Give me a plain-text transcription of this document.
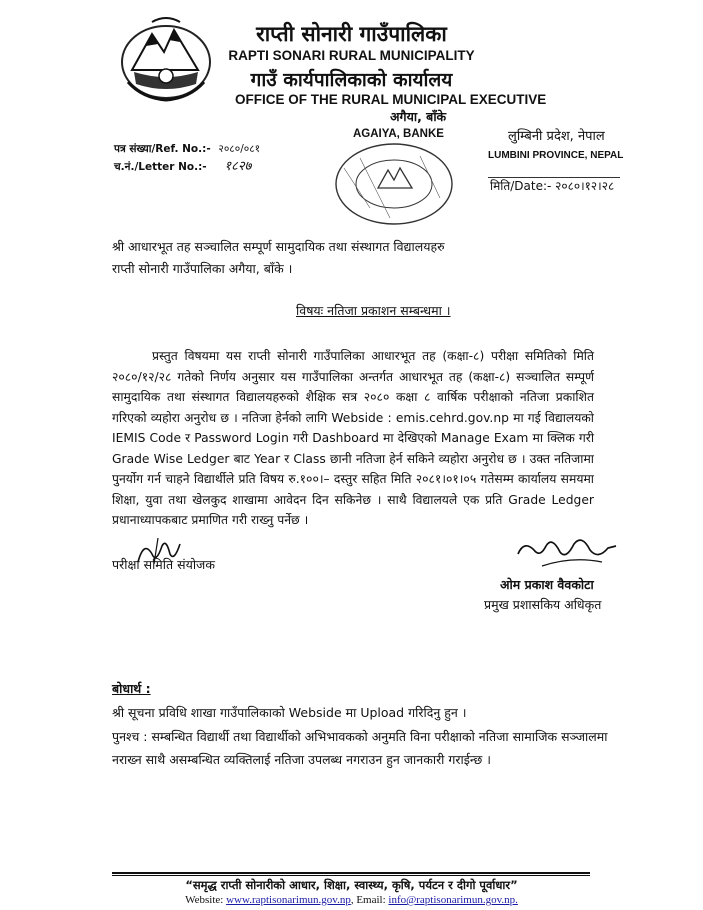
राप्ती सोनारी गाउँपालिका
RAPTI SONARI RURAL MUNICIPALITY
गाउँ कार्यपालिकाको कार्यालय
OFFICE OF THE RURAL MUNICIPAL EXECUTIVE
अगैया, बाँके
AGAIYA, BANKE	लुम्बिनी प्रदेश, नेपाल
LUMBINI PROVINCE, NEPAL
पत्र संख्या/Ref. No.:- २०८०/०८१
च.नं./Letter No.:- १८२७
मिति/Date:- २०८०।१२।२८
श्री आधारभूत तह सञ्चालित सम्पूर्ण सामुदायिक तथा संस्थागत विद्यालयहरु
राप्ती सोनारी गाउँपालिका अगैया, बाँके ।
विषयः नतिजा प्रकाशन सम्बन्धमा ।

प्रस्तुत विषयमा यस राप्ती सोनारी गाउँपालिका आधारभूत तह (कक्षा-८) परीक्षा समितिको मिति २०८०/१२/२८ गतेको निर्णय अनुसार यस गाउँपालिका अन्तर्गत आधारभूत तह (कक्षा-८) सञ्चालित सम्पूर्ण सामुदायिक तथा संस्थागत विद्यालयहरुको शैक्षिक सत्र २०८० कक्षा ८ वार्षिक परीक्षाको नतिजा प्रकाशित गरिएको व्यहोरा अनुरोध छ । नतिजा हेर्नको लागि Webside : emis.cehrd.gov.np मा गई विद्यालयको IEMIS Code र Password Login गरी Dashboard मा देखिएको Manage Exam मा क्लिक गरी Grade Wise Ledger बाट Year र Class छानी नतिजा हेर्न सकिने व्यहोरा अनुरोध छ । उक्त नतिजामा पुनर्योग गर्न चाहने विद्यार्थीले प्रति विषय रु.१००।– दस्तुर सहित मिति २०८१।०१।०५ गतेसम्म कार्यालय समयमा शिक्षा, युवा तथा खेलकुद शाखामा आवेदन दिन सकिनेछ । साथै विद्यालयले एक प्रति Grade Ledger प्रधानाध्यापकबाट प्रमाणित गरी राख्नु पर्नेछ ।

परीक्षा समिति संयोजक
ओम प्रकाश वैवकोटा
प्रमुख प्रशासकिय अधिकृत
बोधार्थ :
श्री सूचना प्रविधि शाखा गाउँपालिकाको Webside मा Upload गरिदिनु हुन ।
पुनश्च : सम्बन्धित विद्यार्थी तथा विद्यार्थीको अभिभावकको अनुमति विना परीक्षाको नतिजा सामाजिक सञ्जालमा
नराख्न साथै असम्बन्धित व्यक्तिलाई नतिजा उपलब्ध नगराउन हुन जानकारी गराईन्छ ।
“समृद्ध राप्ती सोनारीको आधार, शिक्षा, स्वास्थ्य, कृषि, पर्यटन र दीगो पूर्वाधार”
Website: www.raptisonarimun.gov.np, Email: info@raptisonarimun.gov.np.
